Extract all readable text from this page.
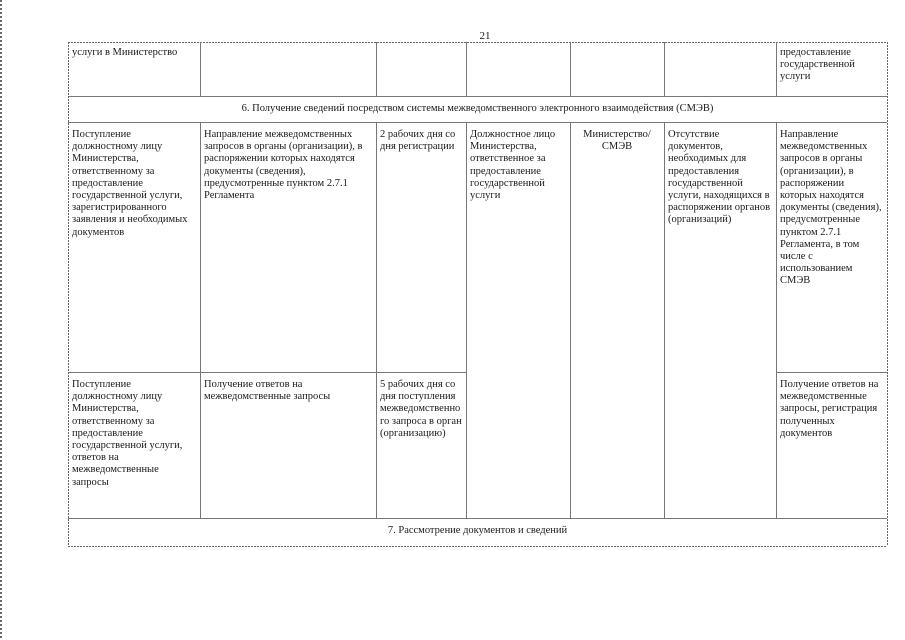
21
услуги в Министерство	предоставление государственной услуги
6. Получение сведений посредством системы межведомственного электронного взаимодействия (СМЭВ)
Поступление должностному лицу Министерства, ответственному за предоставление государственной услуги, зарегистрированного заявления и необходимых документов
Направление межведомственных запросов в органы (организации), в распоряжении которых находятся документы (сведения), предусмотренные пунктом 2.7.1 Регламента
2 рабочих дня со дня регистрации
Должностное лицо Министерства, ответственное за предоставление государственной услуги
Министерство/ СМЭВ
Отсутствие документов, необходимых для предоставления государственной услуги, находящихся в распоряжении органов (организаций)
Направление межведомственных запросов в органы (организации), в распоряжении которых находятся документы (сведения), предусмотренные пунктом 2.7.1 Регламента, в том числе с использованием СМЭВ
Поступление должностному лицу Министерства, ответственному за предоставление государственной услуги, ответов на межведомственные запросы
Получение ответов на межведомственные запросы
5 рабочих дня со дня поступления межведомственного запроса в орган (организацию)
Получение ответов на межведомственные запросы, регистрация полученных документов
7. Рассмотрение документов и сведений
